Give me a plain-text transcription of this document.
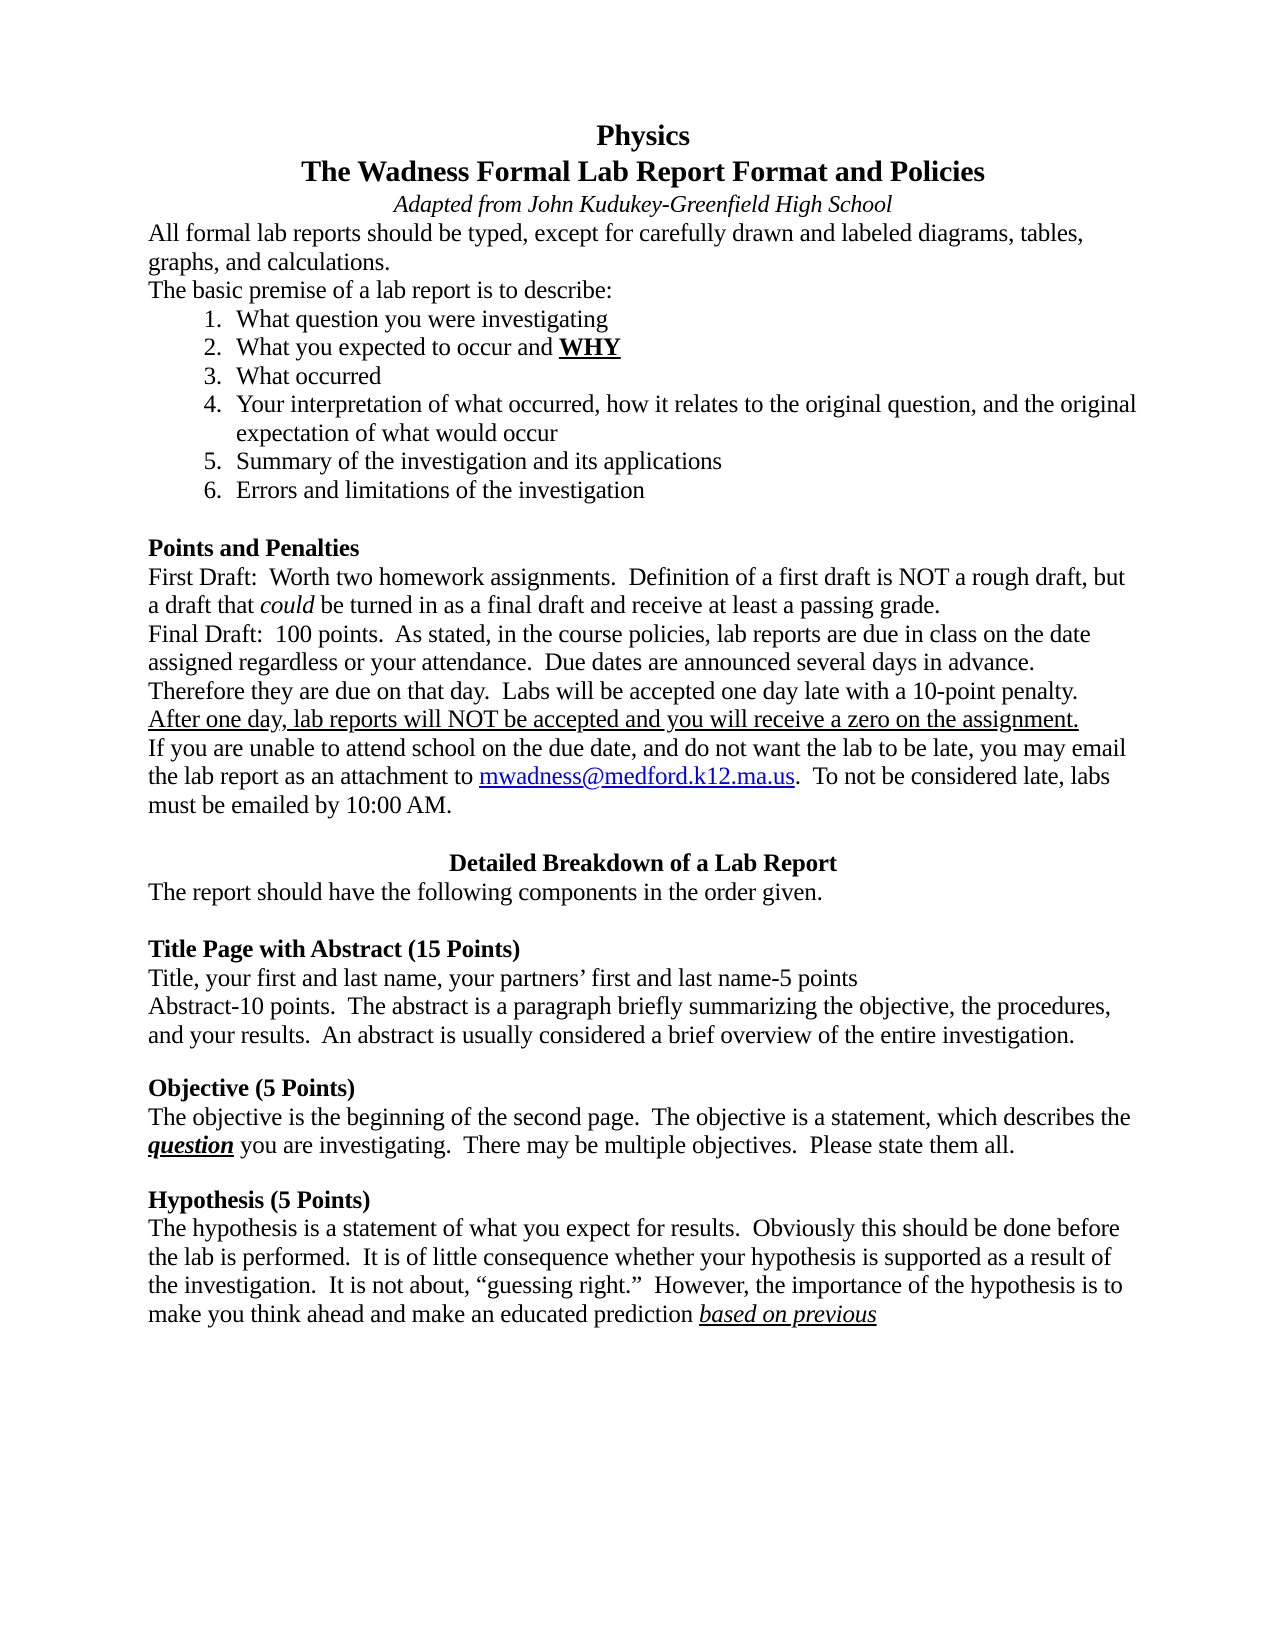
Physics
The Wadness Formal Lab Report Format and Policies
Adapted from John Kudukey-Greenfield High School

All formal lab reports should be typed, except for carefully drawn and labeled diagrams, tables, graphs, and calculations.

The basic premise of a lab report is to describe:

1. What question you were investigating
2. What you expected to occur and WHY
3. What occurred
4. Your interpretation of what occurred, how it relates to the original question, and the original expectation of what would occur
5. Summary of the investigation and its applications
6. Errors and limitations of the investigation
Points and Penalties

First Draft:  Worth two homework assignments.  Definition of a first draft is NOT a rough draft, but a draft that could be turned in as a final draft and receive at least a passing grade.

Final Draft:  100 points.  As stated, in the course policies, lab reports are due in class on the date assigned regardless or your attendance.  Due dates are announced several days in advance.  Therefore they are due on that day.  Labs will be accepted one day late with a 10-point penalty.  After one day, lab reports will NOT be accepted and you will receive a zero on the assignment.

If you are unable to attend school on the due date, and do not want the lab to be late, you may email the lab report as an attachment to mwadness@medford.k12.ma.us.  To not be considered late, labs must be emailed by 10:00 AM.

Detailed Breakdown of a Lab Report

The report should have the following components in the order given.

Title Page with Abstract (15 Points)

Title, your first and last name, your partners’ first and last name-5 points

Abstract-10 points.  The abstract is a paragraph briefly summarizing the objective, the procedures, and your results.  An abstract is usually considered a brief overview of the entire investigation.

Objective (5 Points)

The objective is the beginning of the second page.  The objective is a statement, which describes the question you are investigating.  There may be multiple objectives.  Please state them all.

Hypothesis (5 Points)

The hypothesis is a statement of what you expect for results.  Obviously this should be done before the lab is performed.  It is of little consequence whether your hypothesis is supported as a result of the investigation.  It is not about, “guessing right.”  However, the importance of the hypothesis is to make you think ahead and make an educated prediction based on previous
